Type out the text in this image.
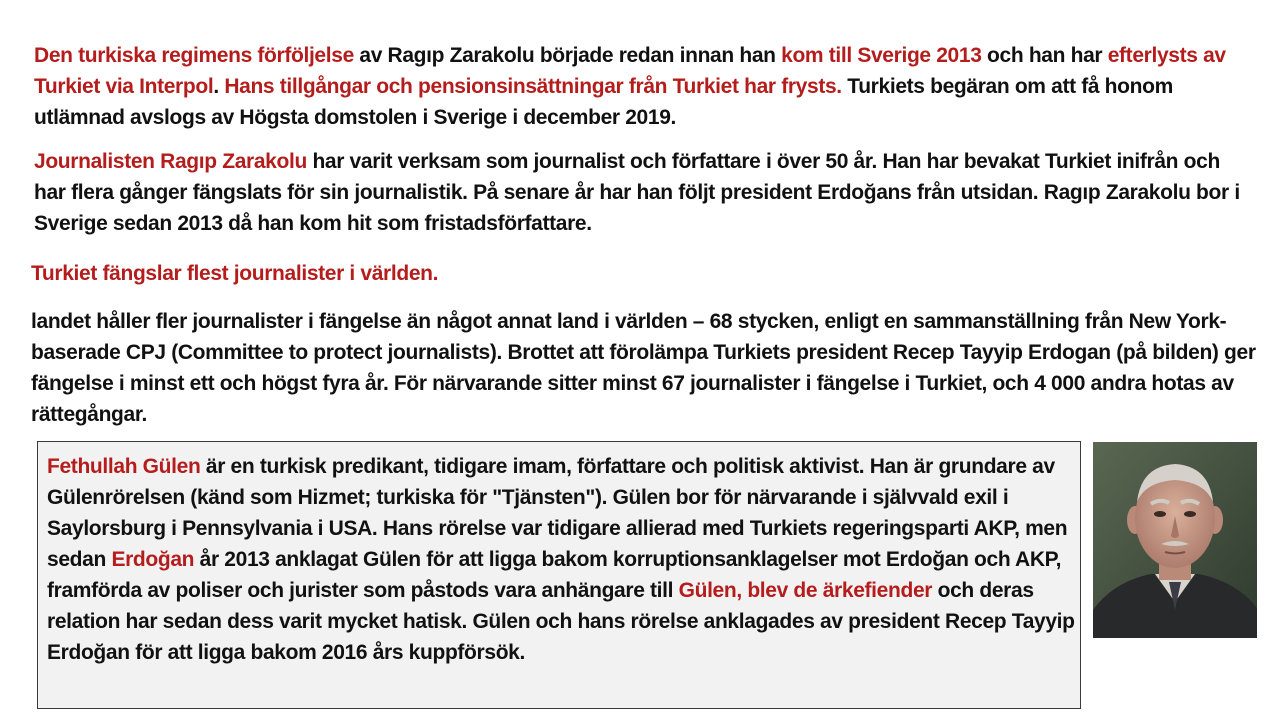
Den turkiska regimens förföljelse av Ragıp Zarakolu började redan innan han kom till Sverige 2013 och han har efterlysts av Turkiet via Interpol. Hans tillgångar och pensionsinsättningar från Turkiet har frysts. Turkiets begäran om att få honom utlämnad avslogs av Högsta domstolen i Sverige i december 2019.

Journalisten Ragıp Zarakolu har varit verksam som journalist och författare i över 50 år. Han har bevakat Turkiet inifrån och har flera gånger fängslats för sin journalistik. På senare år har han följt president Erdoğans från utsidan. Ragıp Zarakolu bor i Sverige sedan 2013 då han kom hit som fristadsförfattare.

Turkiet fängslar flest journalister i världen.

landet håller fler journalister i fängelse än något annat land i världen – 68 stycken, enligt en sammanställning från New York-baserade CPJ (Committee to protect journalists). Brottet att förolämpa Turkiets president Recep Tayyip Erdogan (på bilden) ger fängelse i minst ett och högst fyra år. För närvarande sitter minst 67 journalister i fängelse i Turkiet, och 4 000 andra hotas av rättegångar.

Fethullah Gülen är en turkisk predikant, tidigare imam, författare och politisk aktivist. Han är grundare av Gülenrörelsen (känd som Hizmet; turkiska för "Tjänsten"). Gülen bor för närvarande i självvald exil i Saylorsburg i Pennsylvania i USA. Hans rörelse var tidigare allierad med Turkiets regeringsparti AKP, men sedan Erdoğan år 2013 anklagat Gülen för att ligga bakom korruptionsanklagelser mot Erdoğan och AKP, framförda av poliser och jurister som påstods vara anhängare till Gülen, blev de ärkefiender och deras relation har sedan dess varit mycket hatisk. Gülen och hans rörelse anklagades av president Recep Tayyip Erdoğan för att ligga bakom 2016 års kuppförsök.
